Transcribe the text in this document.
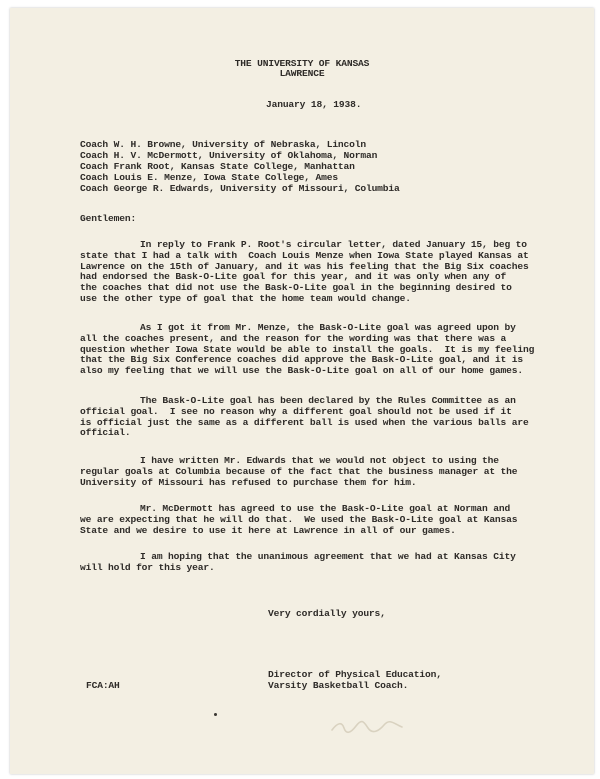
THE UNIVERSITY OF KANSAS
LAWRENCE
January 18, 1938.
Coach W. H. Browne, University of Nebraska, Lincoln
Coach H. V. McDermott, University of Oklahoma, Norman
Coach Frank Root, Kansas State College, Manhattan
Coach Louis E. Menze, Iowa State College, Ames
Coach George R. Edwards, University of Missouri, Columbia
Gentlemen:
In reply to Frank P. Root's circular letter, dated January 15, beg to
state that I had a talk with  Coach Louis Menze when Iowa State played Kansas at
Lawrence on the 15th of January, and it was his feeling that the Big Six coaches
had endorsed the Bask-O-Lite goal for this year, and it was only when any of
the coaches that did not use the Bask-O-Lite goal in the beginning desired to
use the other type of goal that the home team would change.
As I got it from Mr. Menze, the Bask-O-Lite goal was agreed upon by
all the coaches present, and the reason for the wording was that there was a
question whether Iowa State would be able to install the goals.  It is my feeling
that the Big Six Conference coaches did approve the Bask-O-Lite goal, and it is
also my feeling that we will use the Bask-O-Lite goal on all of our home games.
The Bask-O-Lite goal has been declared by the Rules Committee as an
official goal.  I see no reason why a different goal should not be used if it
is official just the same as a different ball is used when the various balls are
official.
I have written Mr. Edwards that we would not object to using the
regular goals at Columbia because of the fact that the business manager at the
University of Missouri has refused to purchase them for him.
Mr. McDermott has agreed to use the Bask-O-Lite goal at Norman and
we are expecting that he will do that.  We used the Bask-O-Lite goal at Kansas
State and we desire to use it here at Lawrence in all of our games.
I am hoping that the unanimous agreement that we had at Kansas City
will hold for this year.
Very cordially yours,
Director of Physical Education,
Varsity Basketball Coach.
FCA:AH
